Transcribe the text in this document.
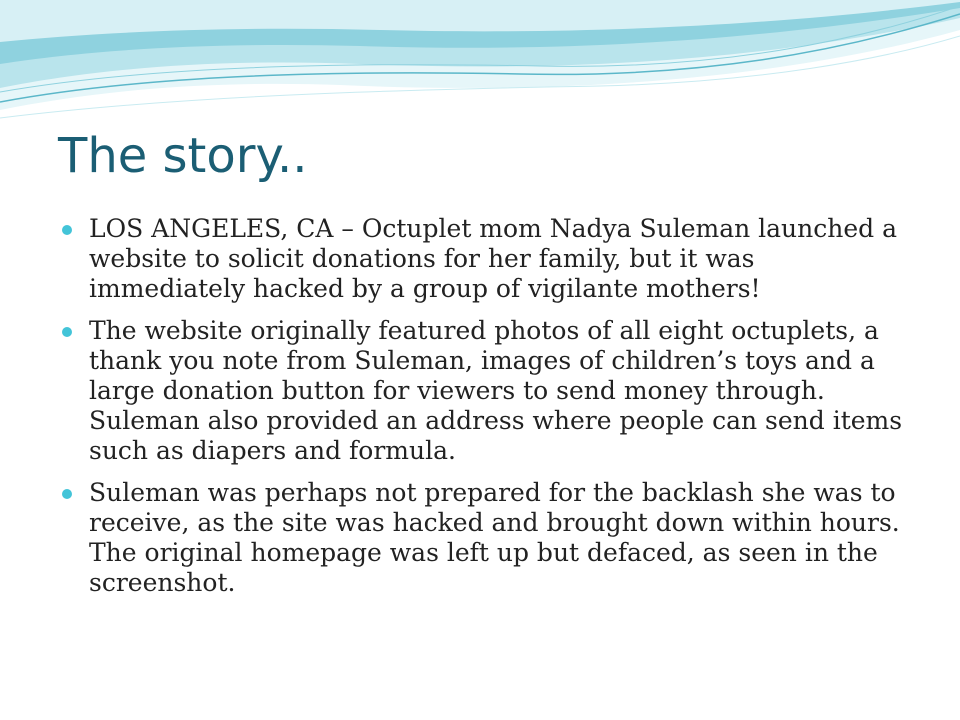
The story..
LOS ANGELES, CA – Octuplet mom Nadya Suleman launched a website to solicit donations for her family, but it was immediately hacked by a group of vigilante mothers!
The website originally featured photos of all eight octuplets, a thank you note from Suleman, images of children’s toys and a large donation button for viewers to send money through. Suleman also provided an address where people can send items such as diapers and formula.
Suleman was perhaps not prepared for the backlash she was to receive, as the site was hacked and brought down within hours. The original homepage was left up but defaced, as seen in the screenshot.
